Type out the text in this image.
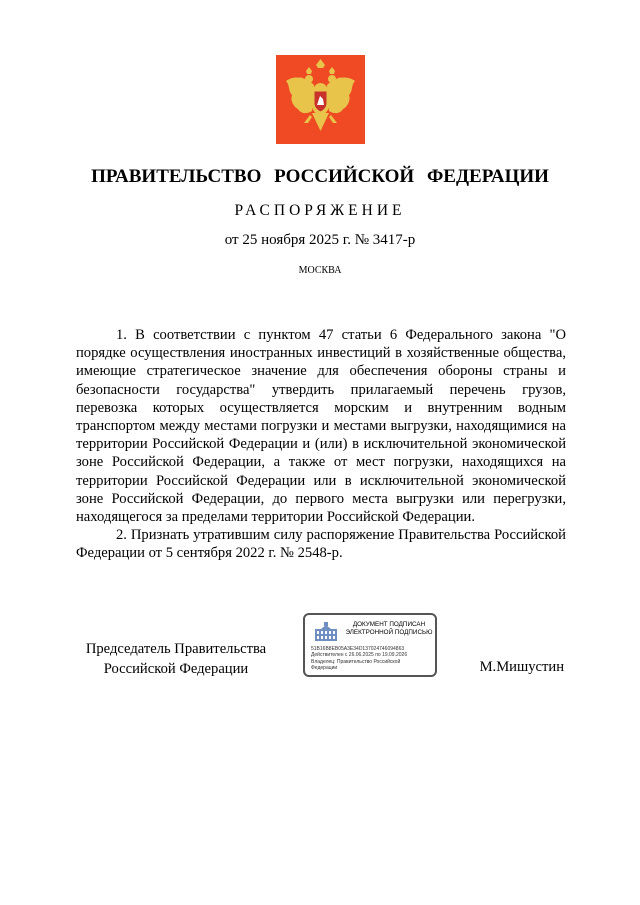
ПРАВИТЕЛЬСТВО РОССИЙСКОЙ ФЕДЕРАЦИИ
РАСПОРЯЖЕНИЕ
от 25 ноября 2025 г. № 3417-р
МОСКВА

1. В соответствии с пунктом 47 статьи 6 Федерального закона "О порядке осуществления иностранных инвестиций в хозяйственные общества, имеющие стратегическое значение для обеспечения обороны страны и безопасности государства" утвердить прилагаемый перечень грузов, перевозка которых осуществляется морским и внутренним водным транспортом между местами погрузки и местами выгрузки, находящимися на территории Российской Федерации и (или) в исключительной экономической зоне Российской Федерации, а также от мест погрузки, находящихся на территории Российской Федерации или в исключительной экономической зоне Российской Федерации, до первого места выгрузки или перегрузки, находящегося за пределами территории Российской Федерации.

2. Признать утратившим силу распоряжение Правительства Российской Федерации от 5 сентября 2022 г. № 2548-р.

Председатель Правительства
Российской Федерации
ДОКУМЕНТ ПОДПИСАН
ЭЛЕКТРОННОЙ ПОДПИСЬЮ
51B16B8EB05A3E34D137024746094863
Действителен с 26.06.2025 по 19.09.2026
Владелец: Правительство Российской
Федерации	М.Мишустин
